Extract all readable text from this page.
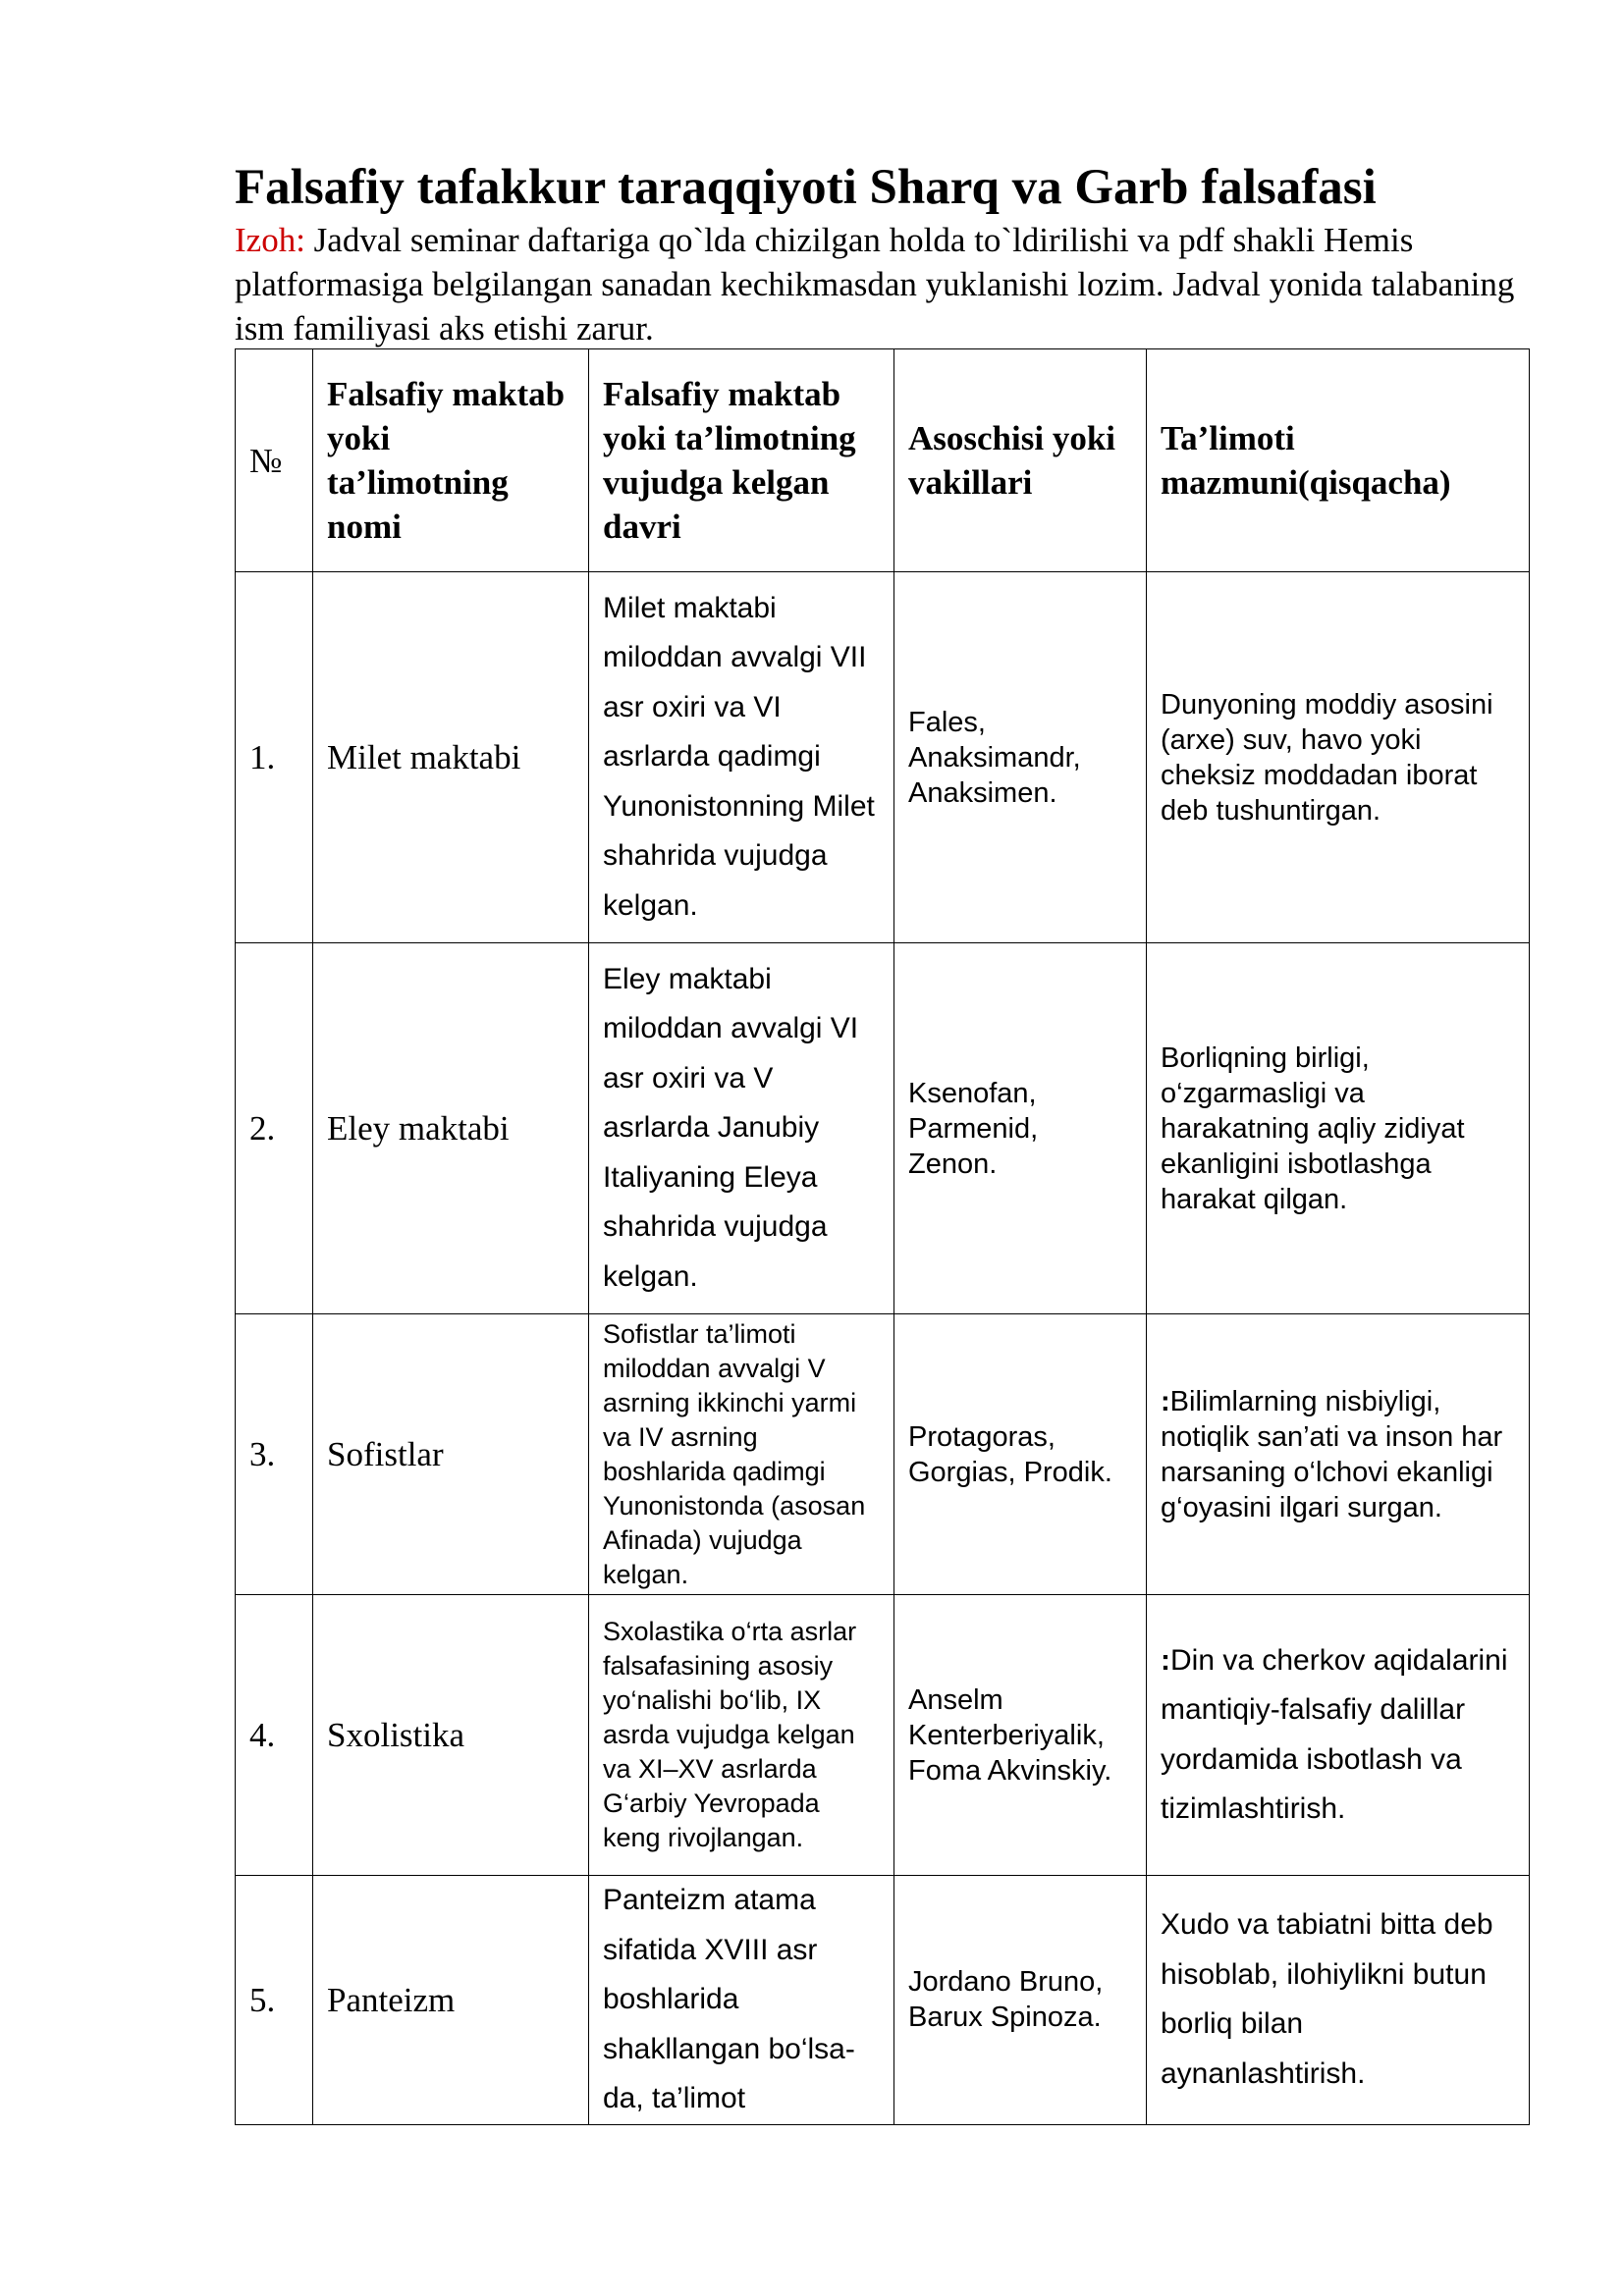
Falsafiy tafakkur taraqqiyoti Sharq va Garb falsafasi

Izoh: Jadval seminar daftariga qo`lda chizilgan holda to`ldirilishi va pdf shakli Hemis platformasiga belgilangan sanadan kechikmasdan yuklanishi lozim. Jadval yonida talabaning ism familiyasi aks etishi zarur.

№	Falsafiy maktab yoki ta’limotning nomi	Falsafiy maktab yoki ta’limotning vujudga kelgan davri	Asoschisi yoki vakillari	Ta’limoti mazmuni(qisqacha)
1.	Milet maktabi	Milet maktabi miloddan avvalgi VII asr oxiri va VI asrlarda qadimgi Yunonistonning Milet shahrida vujudga kelgan.	Fales, Anaksimandr, Anaksimen.	Dunyoning moddiy asosini (arxe) suv, havo yoki cheksiz moddadan iborat deb tushuntirgan.
2.	Eley maktabi	Eley maktabi miloddan avvalgi VI asr oxiri va V asrlarda Janubiy Italiyaning Eleya shahrida vujudga kelgan.	Ksenofan, Parmenid, Zenon.	Borliqning birligi, o‘zgarmasligi va harakatning aqliy zidiyat ekanligini isbotlashga harakat qilgan.
3.	Sofistlar	Sofistlar ta’limoti miloddan avvalgi V asrning ikkinchi yarmi va IV asrning boshlarida qadimgi Yunonistonda (asosan Afinada) vujudga kelgan.	Protagoras, Gorgias, Prodik.	:Bilimlarning nisbiyligi, notiqlik san’ati va inson har narsaning o‘lchovi ekanligi g‘oyasini ilgari surgan.
4.	Sxolistika	Sxolastika o‘rta asrlar falsafasining asosiy yo‘nalishi bo‘lib, IX asrda vujudga kelgan va XI–XV asrlarda G‘arbiy Yevropada keng rivojlangan.	Anselm Kenterberiyalik, Foma Akvinskiy.	:Din va cherkov aqidalarini mantiqiy-falsafiy dalillar yordamida isbotlash va tizimlashtirish.
5.	Panteizm	Panteizm atama sifatida XVIII asr boshlarida shakllangan bo‘lsa-da, ta’limot	Jordano Bruno, Barux Spinoza.	Xudo va tabiatni bitta deb hisoblab, ilohiylikni butun borliq bilan aynanlashtirish.
